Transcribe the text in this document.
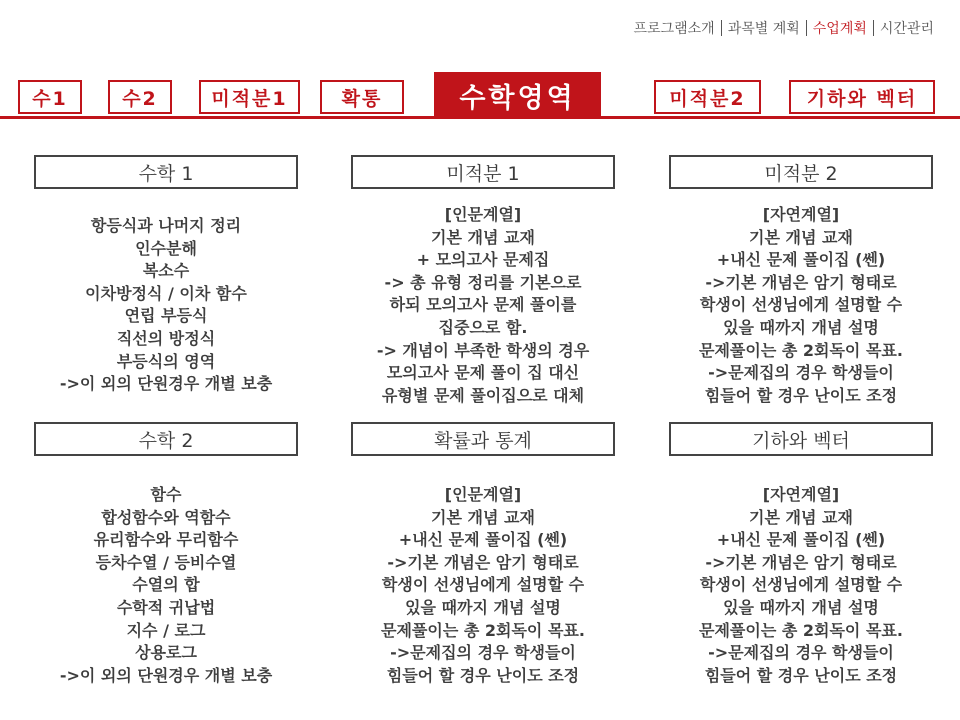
프로그램소개 과목별 계획 수업계획 시간관리
수1	수2	미적분1	확통	수학영역	미적분2	기하와 벡터
수학 1	미적분 1	미적분 2
항등식과 나머지 정리
인수분해
복소수
이차방정식 / 이차 함수
연립 부등식
직선의 방정식
부등식의 영역
->이 외의 단원경우 개별 보충
[인문계열]
기본 개념 교재
+ 모의고사 문제집
-> 총 유형 정리를 기본으로
하되 모의고사 문제 풀이를
집중으로 함.
-> 개념이 부족한 학생의 경우
모의고사 문제 풀이 집 대신
유형별 문제 풀이집으로 대체
[자연계열]
기본 개념 교재
+내신 문제 풀이집 (쎈)
->기본 개념은 암기 형태로
학생이 선생님에게 설명할 수
있을 때까지 개념 설명
문제풀이는 총 2회독이 목표.
->문제집의 경우 학생들이
힘들어 할 경우 난이도 조정
수학 2	확률과 통계	기하와 벡터
함수
합성함수와 역함수
유리함수와 무리함수
등차수열 / 등비수열
수열의 합
수학적 귀납법
지수 / 로그
상용로그
->이 외의 단원경우 개별 보충
[인문계열]
기본 개념 교재
+내신 문제 풀이집 (쎈)
->기본 개념은 암기 형태로
학생이 선생님에게 설명할 수
있을 때까지 개념 설명
문제풀이는 총 2회독이 목표.
->문제집의 경우 학생들이
힘들어 할 경우 난이도 조정
[자연계열]
기본 개념 교재
+내신 문제 풀이집 (쎈)
->기본 개념은 암기 형태로
학생이 선생님에게 설명할 수
있을 때까지 개념 설명
문제풀이는 총 2회독이 목표.
->문제집의 경우 학생들이
힘들어 할 경우 난이도 조정
